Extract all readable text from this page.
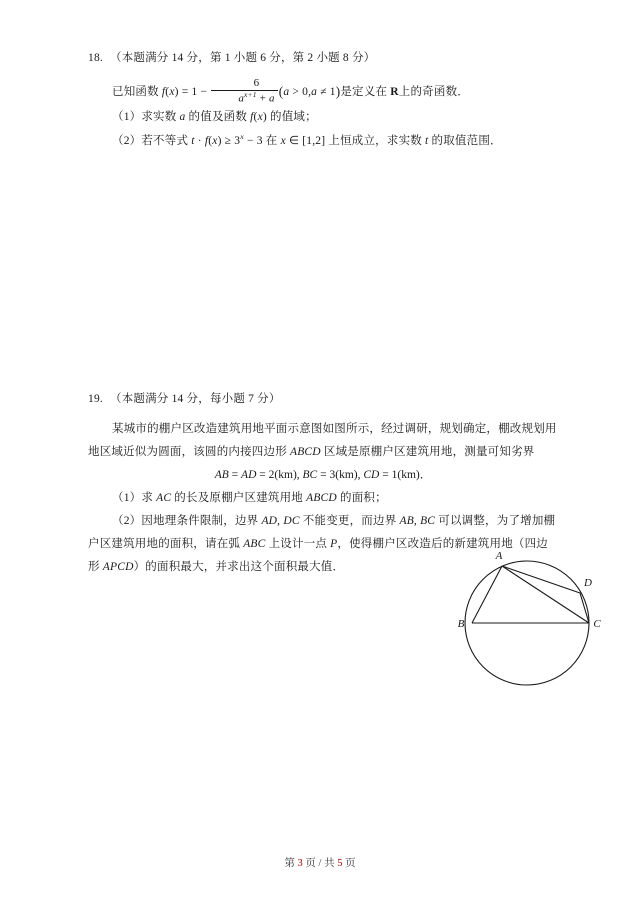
18. （本题满分 14 分，第 1 小题 6 分，第 2 小题 8 分）

已知函数 $f(x) = 1 - \frac{6}{a^{x+1} + a} (a > 0,a \ne 1)$是定义在 R上的奇函数．

（1）求实数 a 的值及函数 f(x) 的值域；

（2）若不等式 $t \cdot f(x) \ge 3^x - 3$ 在 x ∈ [1,2] 上恒成立，求实数 t 的取值范围．

19. （本题满分 14 分，每小题 7 分）

某城市的棚户区改造建筑用地平面示意图如图所示，经过调研，规划确定，棚改规划用地区域近似为圆面，该圆的内接四边形 ABCD 区域是原棚户区建筑用地，测量可知劣界

AB = AD = 2(km), BC = 3(km), CD = 1(km)．

（1）求 AC 的长及原棚户区建筑用地 ABCD 的面积；

（2）因地理条件限制，边界 AD, DC 不能变更，而边界 AB, BC 可以调整，为了增加棚户区建筑用地的面积，请在弧 ABC 上设计一点 P，使得棚户区改造后的新建筑用地（四边形 APCD）的面积最大，并求出这个面积最大值．

A
B	C
D
第 3 页 / 共 5 页
